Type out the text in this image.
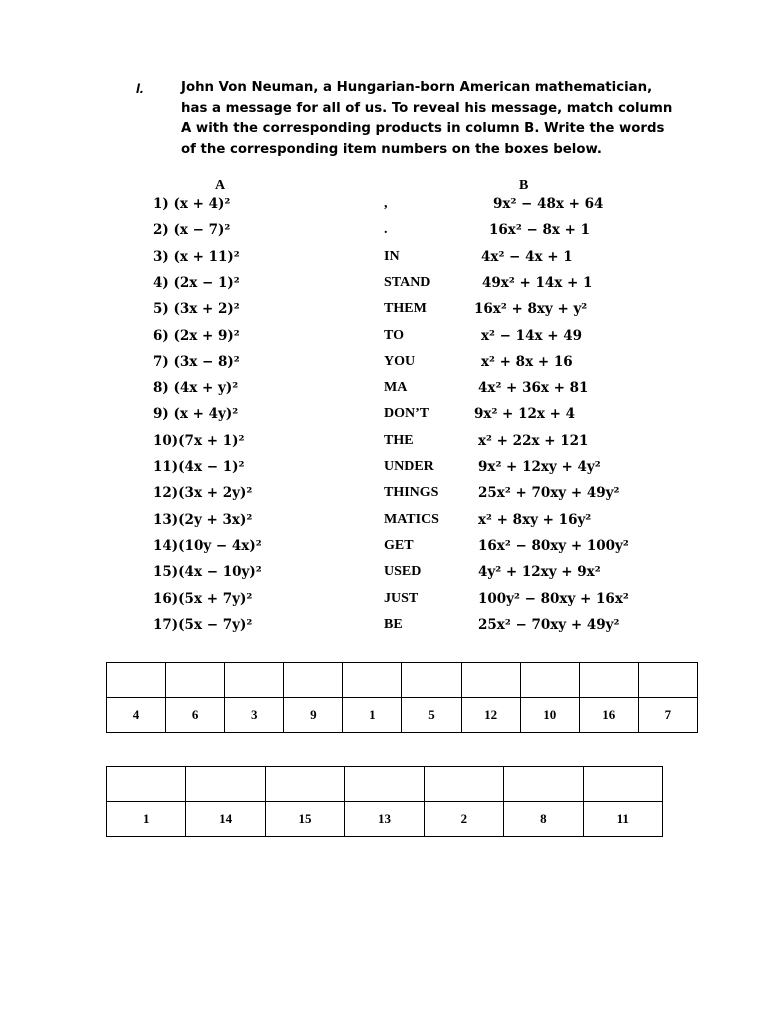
I.	John Von Neuman, a Hungarian-born American mathematician,

has a message for all of us. To reveal his message, match column

A with the corresponding products in column B. Write the words

of the corresponding item numbers on the boxes below.

A	B
1) (x + 4)²	,	9x² − 48x + 64
2) (x − 7)²	.	16x² − 8x + 1
3) (x + 11)²	IN	4x² − 4x + 1
4) (2x − 1)²	STAND	49x² + 14x + 1
5) (3x + 2)²	THEM	16x² + 8xy + y²
6) (2x + 9)²	TO	x² − 14x + 49
7) (3x − 8)²	YOU	x² + 8x + 16
8) (4x + y)²	MA	4x² + 36x + 81
9) (x + 4y)²	DON’T	9x² + 12x + 4
10)(7x + 1)²	THE	x² + 22x + 121
11)(4x − 1)²	UNDER	9x² + 12xy + 4y²
12)(3x + 2y)²	THINGS	25x² + 70xy + 49y²
13)(2y + 3x)²	MATICS	x² + 8xy + 16y²
14)(10y − 4x)²	GET	16x² − 80xy + 100y²
15)(4x − 10y)²	USED	4y² + 12xy + 9x²
16)(5x + 7y)²	JUST	100y² − 80xy + 16x²
17)(5x − 7y)²	BE	25x² − 70xy + 49y²

4	6	3	9	1	5	12	10	16	7

1	14	15	13	2	8	11
